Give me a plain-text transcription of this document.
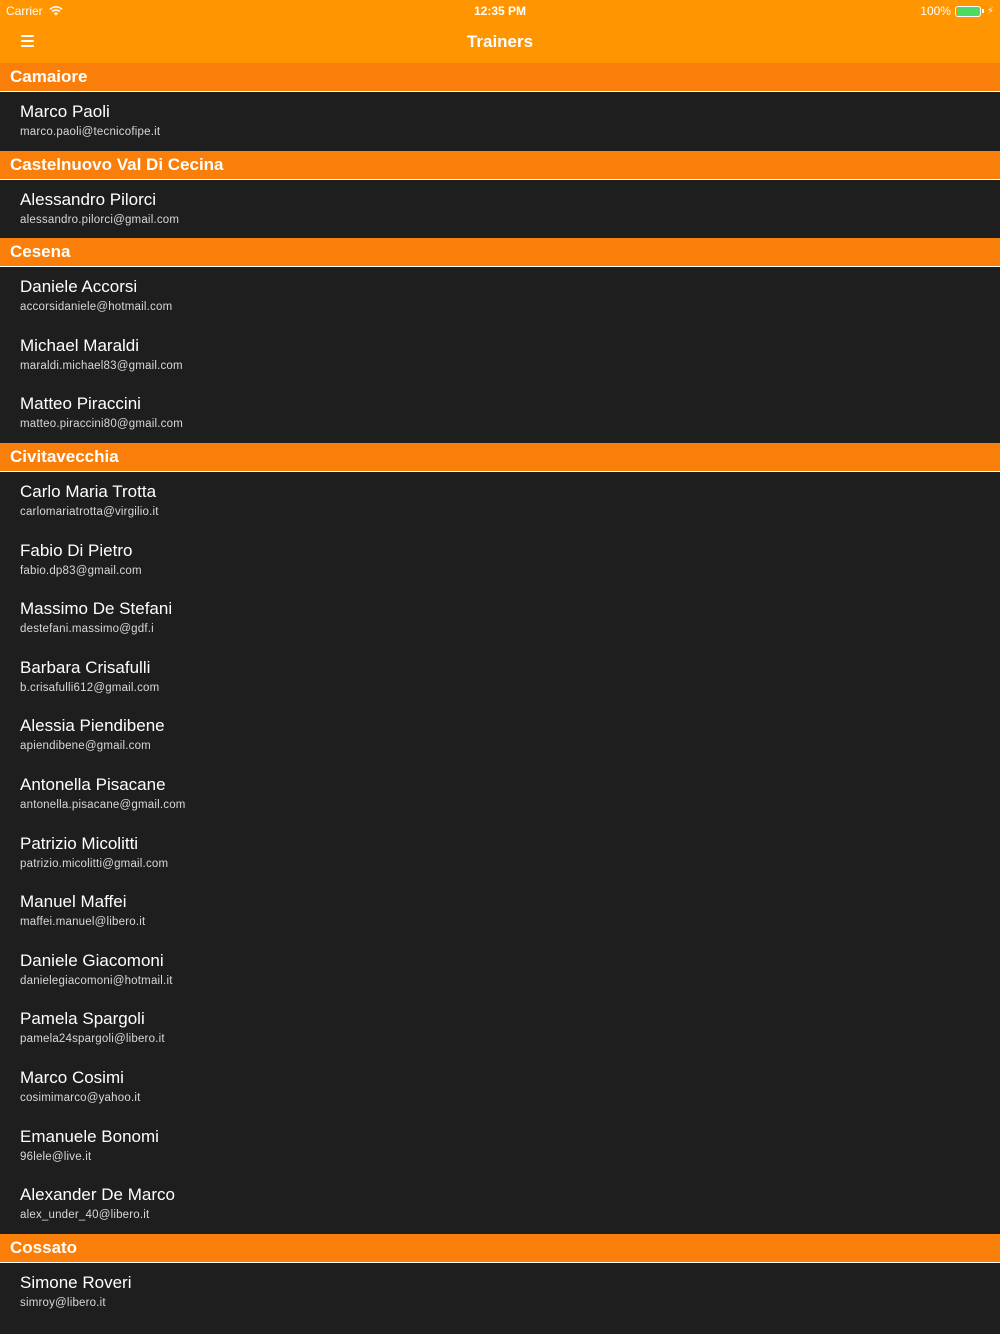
Carrier	12:35 PM	100%	⚡
Trainers
Camaiore
Marco Paoli
marco.paoli@tecnicofipe.it
Castelnuovo Val Di Cecina
Alessandro Pilorci
alessandro.pilorci@gmail.com
Cesena
Daniele Accorsi
accorsidaniele@hotmail.com
Michael Maraldi
maraldi.michael83@gmail.com
Matteo Piraccini
matteo.piraccini80@gmail.com
Civitavecchia
Carlo Maria Trotta
carlomariatrotta@virgilio.it
Fabio Di Pietro
fabio.dp83@gmail.com
Massimo De Stefani
destefani.massimo@gdf.i
Barbara Crisafulli
b.crisafulli612@gmail.com
Alessia Piendibene
apiendibene@gmail.com
Antonella Pisacane
antonella.pisacane@gmail.com
Patrizio Micolitti
patrizio.micolitti@gmail.com
Manuel Maffei
maffei.manuel@libero.it
Daniele Giacomoni
danielegiacomoni@hotmail.it
Pamela Spargoli
pamela24spargoli@libero.it
Marco Cosimi
cosimimarco@yahoo.it
Emanuele Bonomi
96lele@live.it
Alexander De Marco
alex_under_40@libero.it
Cossato
Simone Roveri
simroy@libero.it
